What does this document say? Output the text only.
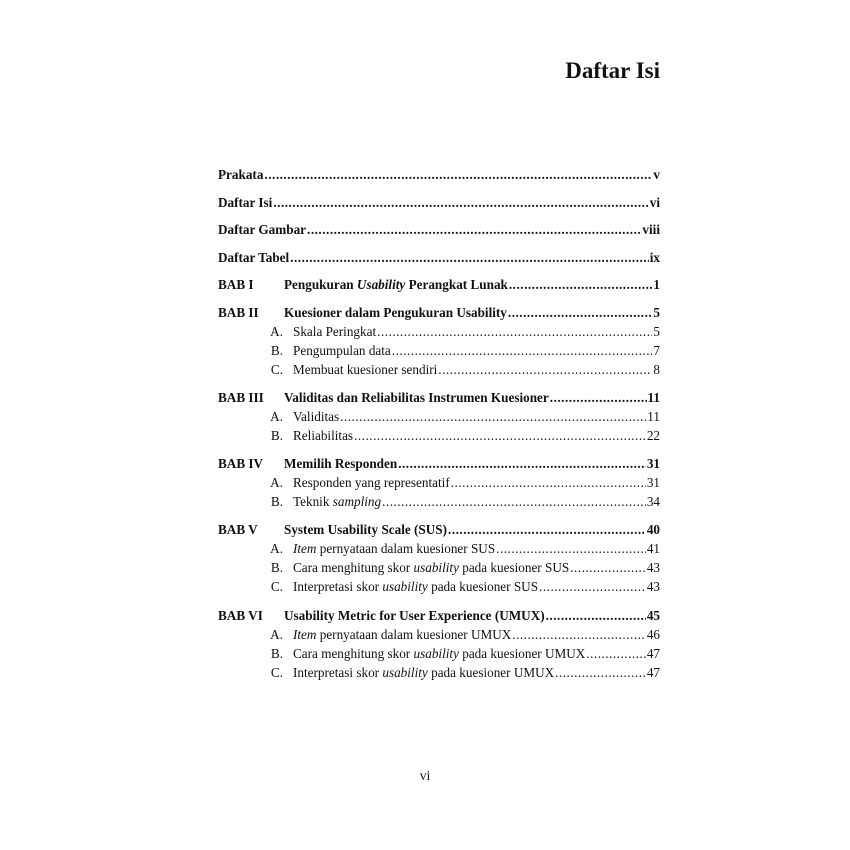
Daftar Isi
Prakata .....	v
Daftar Isi .....	vi
Daftar Gambar .....	viii
Daftar Tabel .....	ix
BAB I Pengukuran Usability Perangkat Lunak .....	1
BAB II Kuesioner dalam Pengukuran Usability .....	5
A. Skala Peringkat .....	5
B. Pengumpulan data .....	7
C. Membuat kuesioner sendiri .....	8
BAB III Validitas dan Reliabilitas Instrumen Kuesioner .....	11
A. Validitas .....	11
B. Reliabilitas .....	22
BAB IV Memilih Responden .....	31
A. Responden yang representatif .....	31
B. Teknik sampling .....	34
BAB V System Usability Scale (SUS) .....	40
A. Item pernyataan dalam kuesioner SUS .....	41
B. Cara menghitung skor usability pada kuesioner SUS .....	43
C. Interpretasi skor usability pada kuesioner SUS .....	43
BAB VI Usability Metric for User Experience (UMUX) .....	45
A. Item pernyataan dalam kuesioner UMUX .....	46
B. Cara menghitung skor usability pada kuesioner UMUX .....	47
C. Interpretasi skor usability pada kuesioner UMUX .....	47
vi
